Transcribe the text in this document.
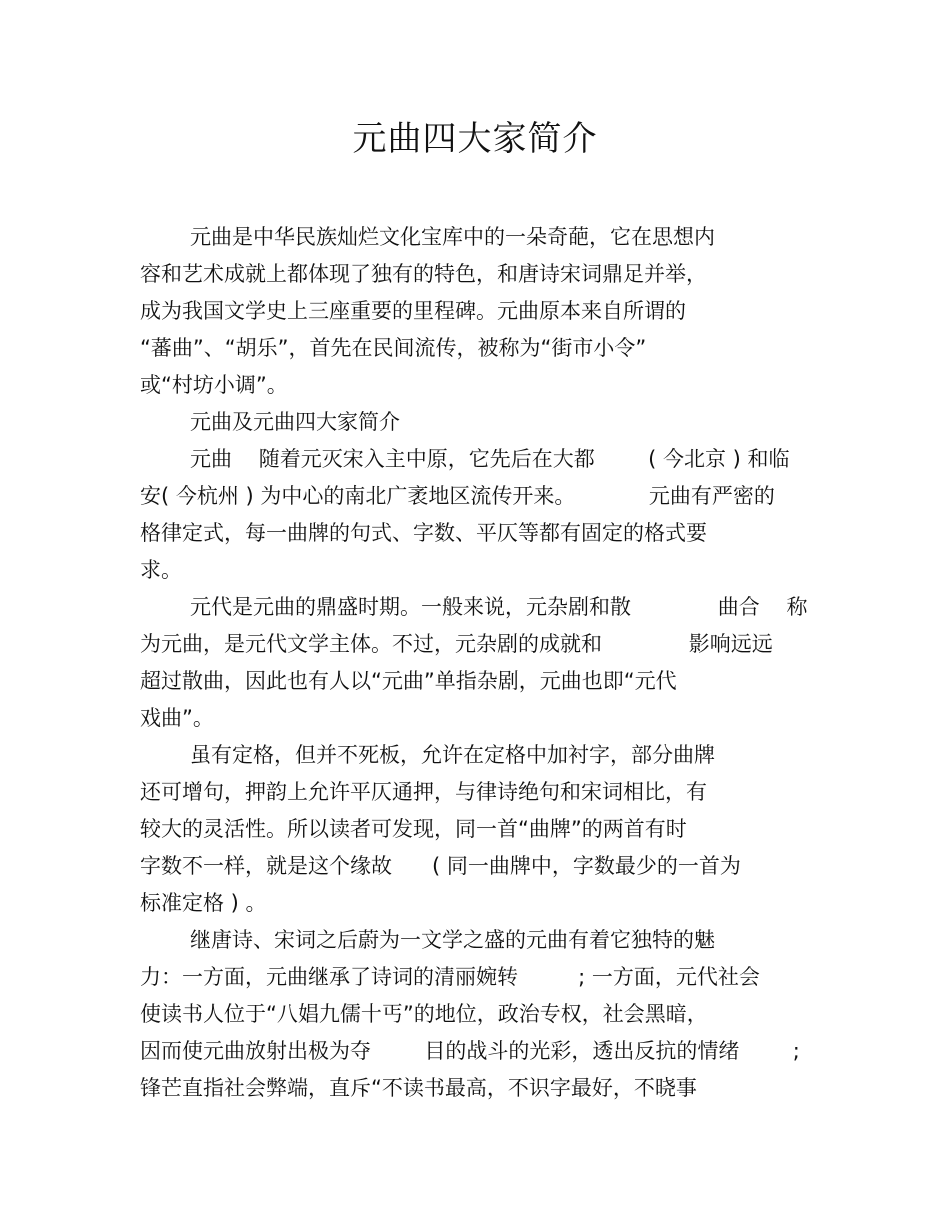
元曲四大家简介
元曲是中华民族灿烂文化宝库中的一朵奇葩，它在思想内
容和艺术成就上都体现了独有的特色，和唐诗宋词鼎足并举，
成为我国文学史上三座重要的里程碑。元曲原本来自所谓的
“蕃曲”、“胡乐”，首先在民间流传，被称为“街市小令”
或“村坊小调”。
元曲及元曲四大家简介
元曲    随着元灭宋入主中原，它先后在大都        ( 今北京 ) 和临
安( 今杭州 ) 为中心的南北广袤地区流传开来。           元曲有严密的
格律定式，每一曲牌的句式、字数、平仄等都有固定的格式要
求。
元代是元曲的鼎盛时期。一般来说，元杂剧和散             曲合    称
为元曲，是元代文学主体。不过，元杂剧的成就和             影响远远
超过散曲，因此也有人以“元曲”单指杂剧，元曲也即“元代
戏曲”。
虽有定格，但并不死板，允许在定格中加衬字，部分曲牌
还可增句，押韵上允许平仄通押，与律诗绝句和宋词相比，有
较大的灵活性。所以读者可发现，同一首“曲牌”的两首有时
字数不一样，就是这个缘故      ( 同一曲牌中，字数最少的一首为
标准定格 ) 。
继唐诗、宋词之后蔚为一文学之盛的元曲有着它独特的魅
力：一方面，元曲继承了诗词的清丽婉转         ; 一方面，元代社会
使读书人位于“八娼九儒十丐”的地位，政治专权，社会黑暗，
因而使元曲放射出极为夺        目的战斗的光彩，透出反抗的情绪        ;
锋芒直指社会弊端，直斥“不读书最高，不识字最好，不晓事
